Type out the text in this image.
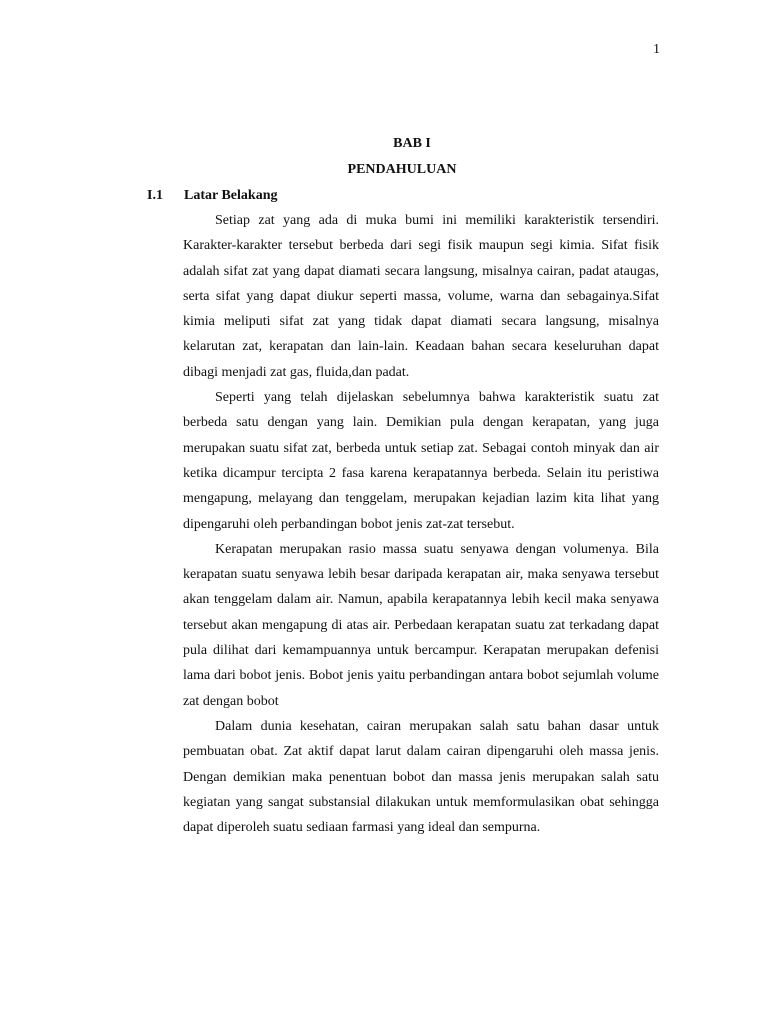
1
BAB I
PENDAHULUAN
I.1 Latar Belakang

Setiap zat yang ada di muka bumi ini memiliki karakteristik tersendiri. Karakter-karakter tersebut berbeda dari segi fisik maupun segi kimia. Sifat fisik adalah sifat zat yang dapat diamati secara langsung, misalnya cairan, padat ataugas, serta sifat yang dapat diukur seperti massa, volume, warna dan sebagainya.Sifat kimia meliputi sifat zat yang tidak dapat diamati secara langsung, misalnya kelarutan zat, kerapatan dan lain-lain. Keadaan bahan secara keseluruhan dapat dibagi menjadi zat gas, fluida,dan padat.

Seperti yang telah dijelaskan sebelumnya bahwa karakteristik suatu zat berbeda satu dengan yang lain. Demikian pula dengan kerapatan, yang juga merupakan suatu sifat zat, berbeda untuk setiap zat. Sebagai contoh minyak dan air ketika dicampur tercipta 2 fasa karena kerapatannya berbeda. Selain itu peristiwa mengapung, melayang dan tenggelam, merupakan kejadian lazim kita lihat yang dipengaruhi oleh perbandingan bobot jenis zat-zat tersebut.

Kerapatan merupakan rasio massa suatu senyawa dengan volumenya. Bila kerapatan suatu senyawa lebih besar daripada kerapatan air, maka senyawa tersebut akan tenggelam dalam air. Namun, apabila kerapatannya lebih kecil maka senyawa tersebut akan mengapung di atas air. Perbedaan kerapatan suatu zat terkadang dapat pula dilihat dari kemampuannya untuk bercampur. Kerapatan merupakan defenisi lama dari bobot jenis. Bobot jenis yaitu perbandingan antara bobot sejumlah volume zat dengan bobot

Dalam dunia kesehatan, cairan merupakan salah satu bahan dasar untuk pembuatan obat. Zat aktif dapat larut dalam cairan dipengaruhi oleh massa jenis. Dengan demikian maka penentuan bobot dan massa jenis merupakan salah satu kegiatan yang sangat substansial dilakukan untuk memformulasikan obat sehingga dapat diperoleh suatu sediaan farmasi yang ideal dan sempurna.
